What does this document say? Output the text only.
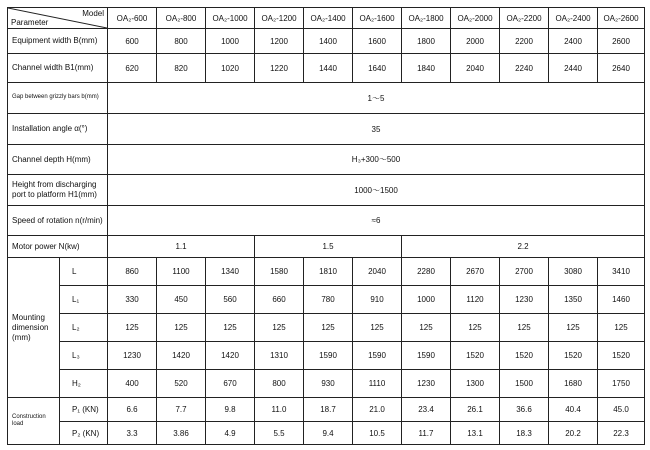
Model
Parameter		OA₂-600	OA₂-800	OA₂-1000	OA₂-1200	OA₂-1400	OA₂-1600	OA₂-1800	OA₂-2000	OA₂-2200	OA₂-2400	OA₂-2600
Equipment width B(mm)		600	800	1000	1200	1400	1600	1800	2000	2200	2400	2600
Channel width B1(mm)		620	820	1020	1220	1440	1640	1840	2040	2240	2440	2640
Gap between grizzly bars b(mm)		1～5										
Installation angle α(°)		35										
Channel depth H(mm)		H₃+300～500										
Height from discharging port to platform H1(mm)		1000～1500										
Speed of rotation n(r/min)		≈6										
Motor power N(kw)		1.1			1.5			2.2				
Mounting dimension (mm)	L	860	1100	1340	1580	1810	2040	2280	2670	2700	3080	3410
	L₁	330	450	560	660	780	910	1000	1120	1230	1350	1460
	L₂	125	125	125	125	125	125	125	125	125	125	125
	L₃	1230	1420	1420	1310	1590	1590	1590	1520	1520	1520	1520
	H₂	400	520	670	800	930	1110	1230	1300	1500	1680	1750
Construction load	P₁ (KN)	6.6	7.7	9.8	11.0	18.7	21.0	23.4	26.1	36.6	40.4	45.0
	P₂ (KN)	3.3	3.86	4.9	5.5	9.4	10.5	11.7	13.1	18.3	20.2	22.3
